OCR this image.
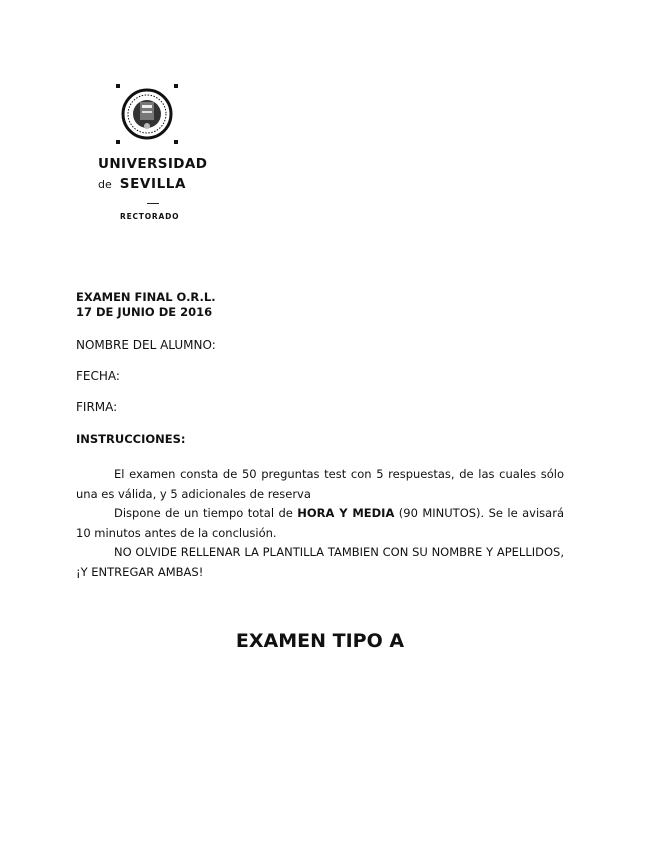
UNIVERSIDAD
de SEVILLA
RECTORADO
EXAMEN FINAL O.R.L.
17 DE JUNIO DE 2016
NOMBRE DEL ALUMNO:
FECHA:
FIRMA:
INSTRUCCIONES:

El examen consta de 50 preguntas test con 5 respuestas, de las cuales sólo una es válida, y 5 adicionales de reserva

Dispone de un tiempo total de HORA Y MEDIA (90 MINUTOS). Se le avisará 10 minutos antes de la conclusión.

NO OLVIDE RELLENAR LA PLANTILLA TAMBIEN CON SU NOMBRE Y APELLIDOS, ¡Y ENTREGAR AMBAS!

EXAMEN TIPO A
